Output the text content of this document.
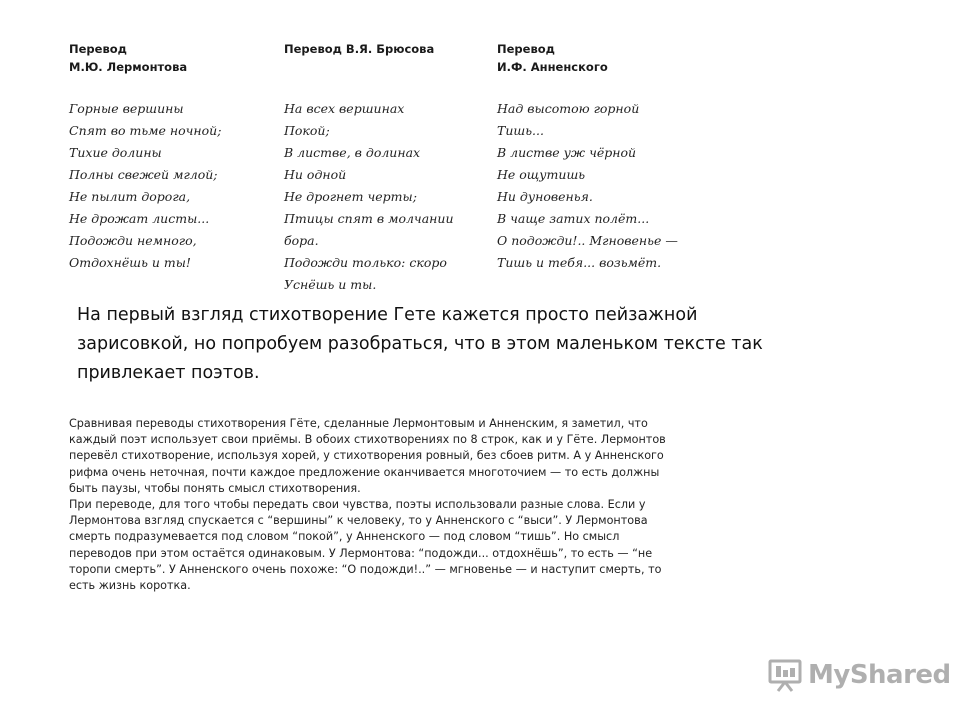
Перевод
М.Ю. Лермонтова
Горные вершины
Спят во тьме ночной;
Тихие долины
Полны свежей мглой;
Не пылит дорога,
Не дрожат листы...
Подожди немного,
Отдохнёшь и ты!
Перевод В.Я. Брюсова
На всех вершинах
Покой;
В листве, в долинах
Ни одной
Не дрогнет черты;
Птицы спят в молчании
бора.
Подожди только: скоро
Уснёшь и ты.
Перевод
И.Ф. Анненского
Над высотою горной
Тишь...
В листве уж чёрной
Не ощутишь
Ни дуновенья.
В чаще затих полёт...
О подожди!.. Мгновенье —
Тишь и тебя... возьмёт.
На первый взгляд стихотворение Гете кажется просто пейзажной
зарисовкой, но попробуем разобраться, что в этом маленьком тексте так
привлекает поэтов.

Сравнивая переводы стихотворения Гёте, сделанные Лермонтовым и Анненским, я заметил, что

каждый поэт использует свои приёмы. В обоих стихотворениях по 8 строк, как и у Гёте. Лермонтов

перевёл стихотворение, используя хорей, у стихотворения ровный, без сбоев ритм. А у Анненского

рифма очень неточная, почти каждое предложение оканчивается многоточием — то есть должны

быть паузы, чтобы понять смысл стихотворения.

При переводе, для того чтобы передать свои чувства, поэты использовали разные слова. Если у

Лермонтова взгляд спускается с “вершины” к человеку, то у Анненского с “выси”. У Лермонтова

смерть подразумевается под словом “покой”, у Анненского — под словом “тишь”. Но смысл

переводов при этом остаётся одинаковым. У Лермонтова: “подожди... отдохнёшь”, то есть — “не

торопи смерть”. У Анненского очень похоже: “О подожди!..” — мгновенье — и наступит смерть, то

есть жизнь коротка.

MyShared
